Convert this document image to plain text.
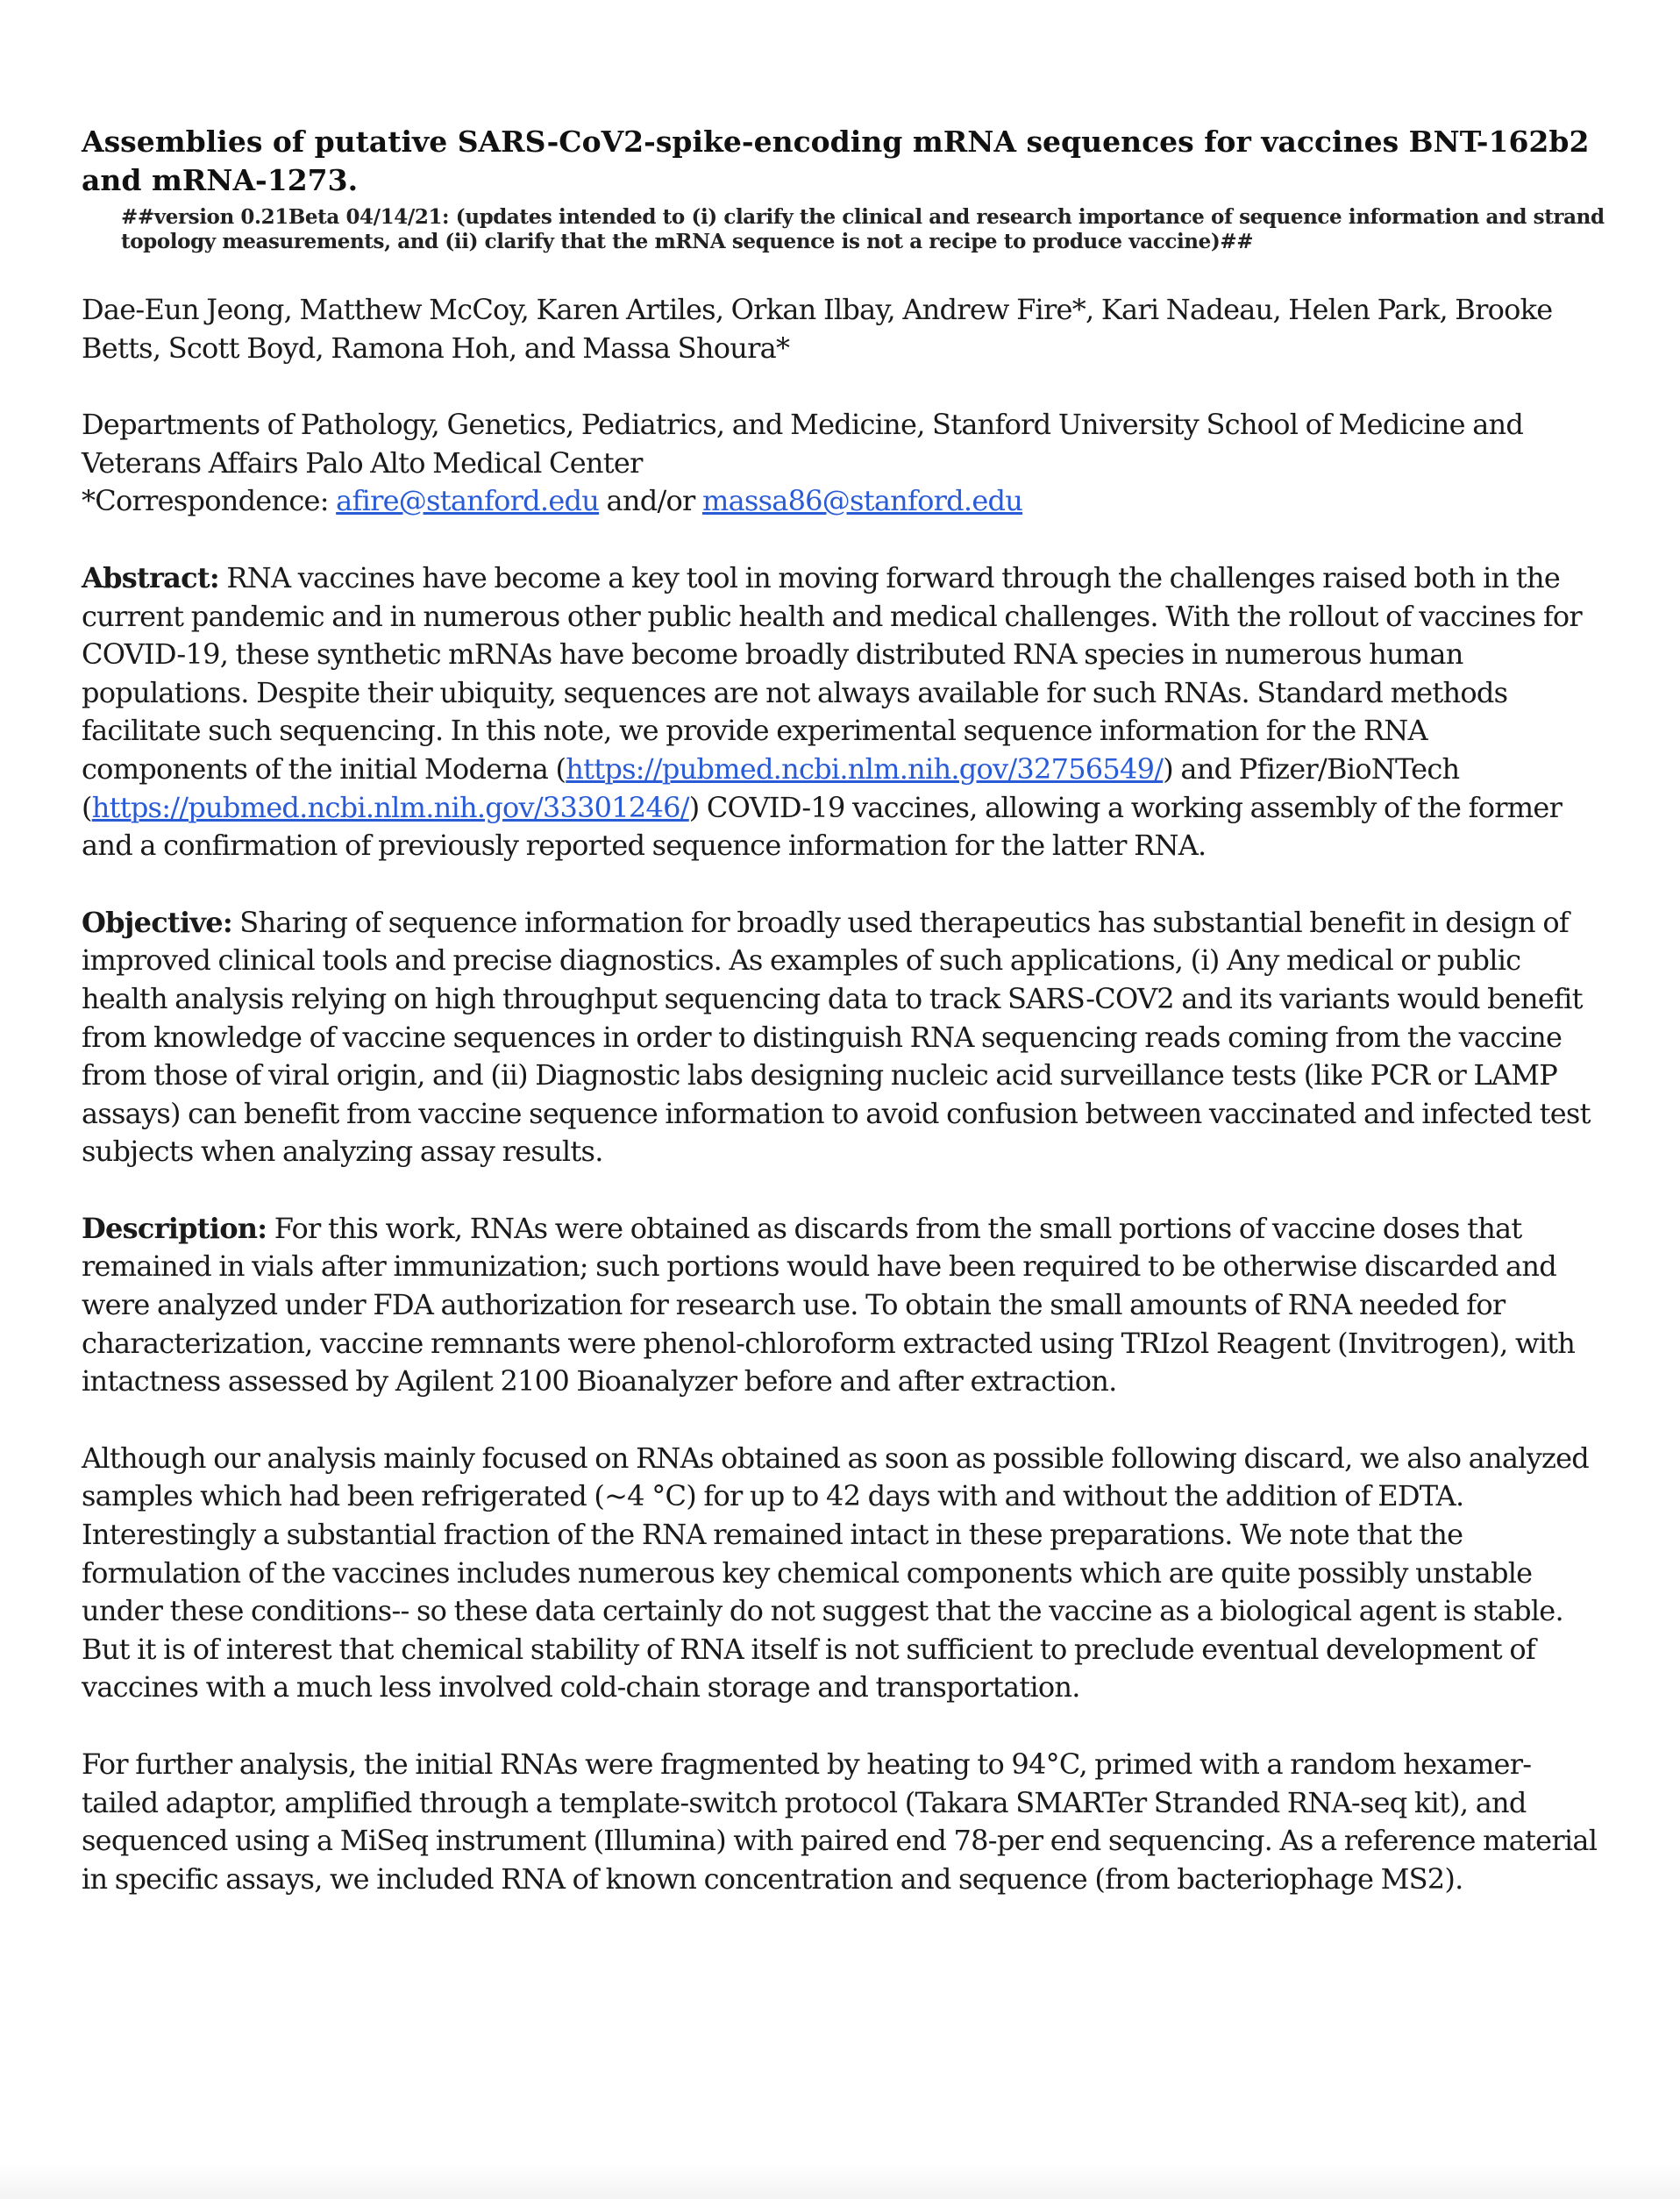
Assemblies of putative SARS-CoV2-spike-encoding mRNA sequences for vaccines BNT-162b2 and mRNA-1273.

##version 0.21Beta 04/14/21: (updates intended to (i) clarify the clinical and research importance of sequence information and strand topology measurements, and (ii) clarify that the mRNA sequence is not a recipe to produce vaccine)##

Dae-Eun Jeong, Matthew McCoy, Karen Artiles, Orkan Ilbay, Andrew Fire*, Kari Nadeau, Helen Park, Brooke Betts, Scott Boyd, Ramona Hoh, and Massa Shoura*

Departments of Pathology, Genetics, Pediatrics, and Medicine, Stanford University School of Medicine and Veterans Affairs Palo Alto Medical Center
*Correspondence: afire@stanford.edu and/or massa86@stanford.edu

Abstract: RNA vaccines have become a key tool in moving forward through the challenges raised both in the current pandemic and in numerous other public health and medical challenges. With the rollout of vaccines for COVID-19, these synthetic mRNAs have become broadly distributed RNA species in numerous human populations. Despite their ubiquity, sequences are not always available for such RNAs. Standard methods facilitate such sequencing. In this note, we provide experimental sequence information for the RNA components of the initial Moderna (https://pubmed.ncbi.nlm.nih.gov/32756549/) and Pfizer/BioNTech (https://pubmed.ncbi.nlm.nih.gov/33301246/) COVID-19 vaccines, allowing a working assembly of the former and a confirmation of previously reported sequence information for the latter RNA.

Objective: Sharing of sequence information for broadly used therapeutics has substantial benefit in design of improved clinical tools and precise diagnostics. As examples of such applications, (i) Any medical or public health analysis relying on high throughput sequencing data to track SARS-COV2 and its variants would benefit from knowledge of vaccine sequences in order to distinguish RNA sequencing reads coming from the vaccine from those of viral origin, and (ii) Diagnostic labs designing nucleic acid surveillance tests (like PCR or LAMP assays) can benefit from vaccine sequence information to avoid confusion between vaccinated and infected test subjects when analyzing assay results.

Description: For this work, RNAs were obtained as discards from the small portions of vaccine doses that remained in vials after immunization; such portions would have been required to be otherwise discarded and were analyzed under FDA authorization for research use. To obtain the small amounts of RNA needed for characterization, vaccine remnants were phenol-chloroform extracted using TRIzol Reagent (Invitrogen), with intactness assessed by Agilent 2100 Bioanalyzer before and after extraction.

Although our analysis mainly focused on RNAs obtained as soon as possible following discard, we also analyzed samples which had been refrigerated (~4 °C) for up to 42 days with and without the addition of EDTA. Interestingly a substantial fraction of the RNA remained intact in these preparations. We note that the formulation of the vaccines includes numerous key chemical components which are quite possibly unstable under these conditions-- so these data certainly do not suggest that the vaccine as a biological agent is stable. But it is of interest that chemical stability of RNA itself is not sufficient to preclude eventual development of vaccines with a much less involved cold-chain storage and transportation.

For further analysis, the initial RNAs were fragmented by heating to 94°C, primed with a random hexamer-tailed adaptor, amplified through a template-switch protocol (Takara SMARTer Stranded RNA-seq kit), and sequenced using a MiSeq instrument (Illumina) with paired end 78-per end sequencing. As a reference material in specific assays, we included RNA of known concentration and sequence (from bacteriophage MS2).
